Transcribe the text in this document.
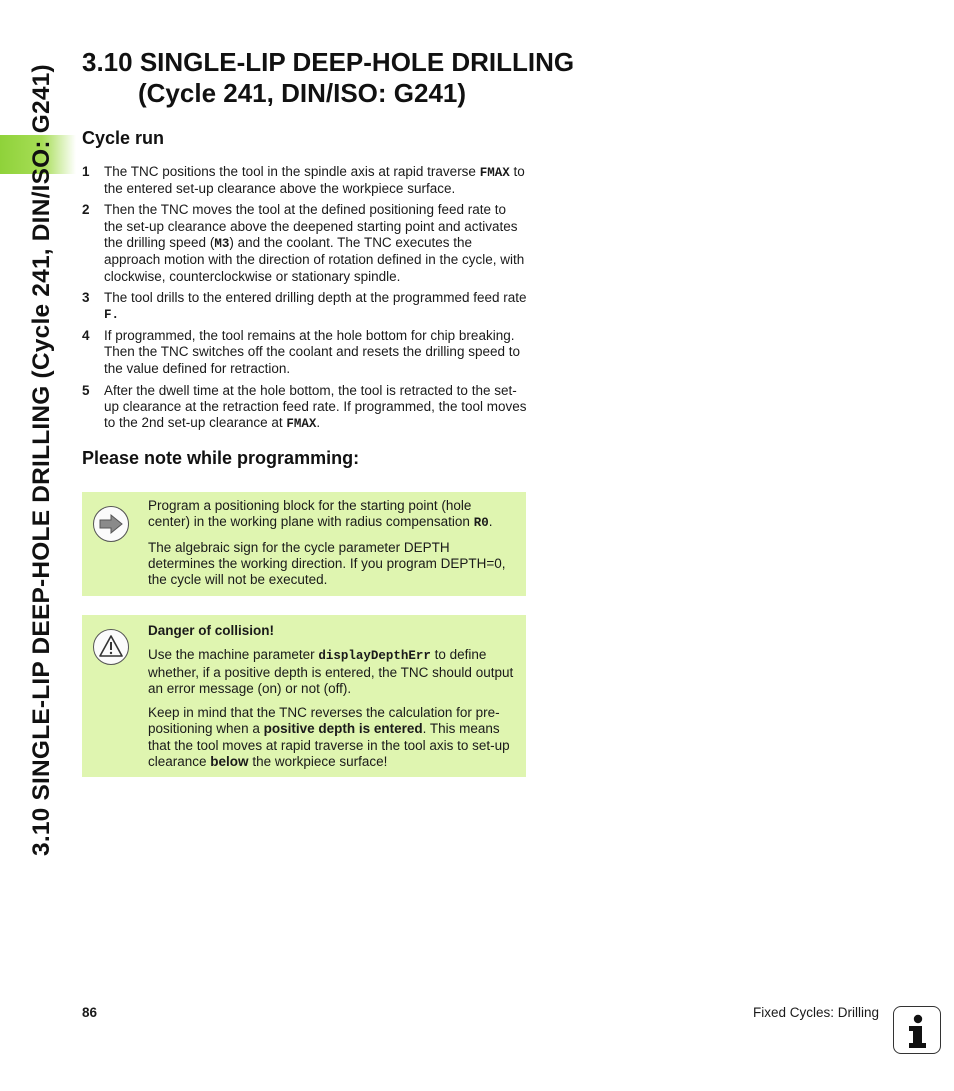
3.10 SINGLE-LIP DEEP-HOLE DRILLING (Cycle 241, DIN/ISO: G241)
3.10 SINGLE-LIP DEEP-HOLE DRILLING
(Cycle 241, DIN/ISO: G241)
Cycle run
1	The TNC positions the tool in the spindle axis at rapid traverse FMAX to the entered set-up clearance above the workpiece surface.
2	Then the TNC moves the tool at the defined positioning feed rate to the set-up clearance above the deepened starting point and activates the drilling speed (M3) and the coolant. The TNC executes the approach motion with the direction of rotation defined in the cycle, with clockwise, counterclockwise or stationary spindle.
3	The tool drills to the entered drilling depth at the programmed feed rate F.
4	If programmed, the tool remains at the hole bottom for chip breaking. Then the TNC switches off the coolant and resets the drilling speed to the value defined for retraction.
5	After the dwell time at the hole bottom, the tool is retracted to the set-up clearance at the retraction feed rate. If programmed, the tool moves to the 2nd set-up clearance at FMAX.
Please note while programming:

Program a positioning block for the starting point (hole center) in the working plane with radius compensation R0.

The algebraic sign for the cycle parameter DEPTH determines the working direction. If you program DEPTH=0, the cycle will not be executed.

Danger of collision!

Use the machine parameter displayDepthErr to define whether, if a positive depth is entered, the TNC should output an error message (on) or not (off).

Keep in mind that the TNC reverses the calculation for pre-positioning when a positive depth is entered. This means that the tool moves at rapid traverse in the tool axis to set-up clearance below the workpiece surface!

86	Fixed Cycles: Drilling
